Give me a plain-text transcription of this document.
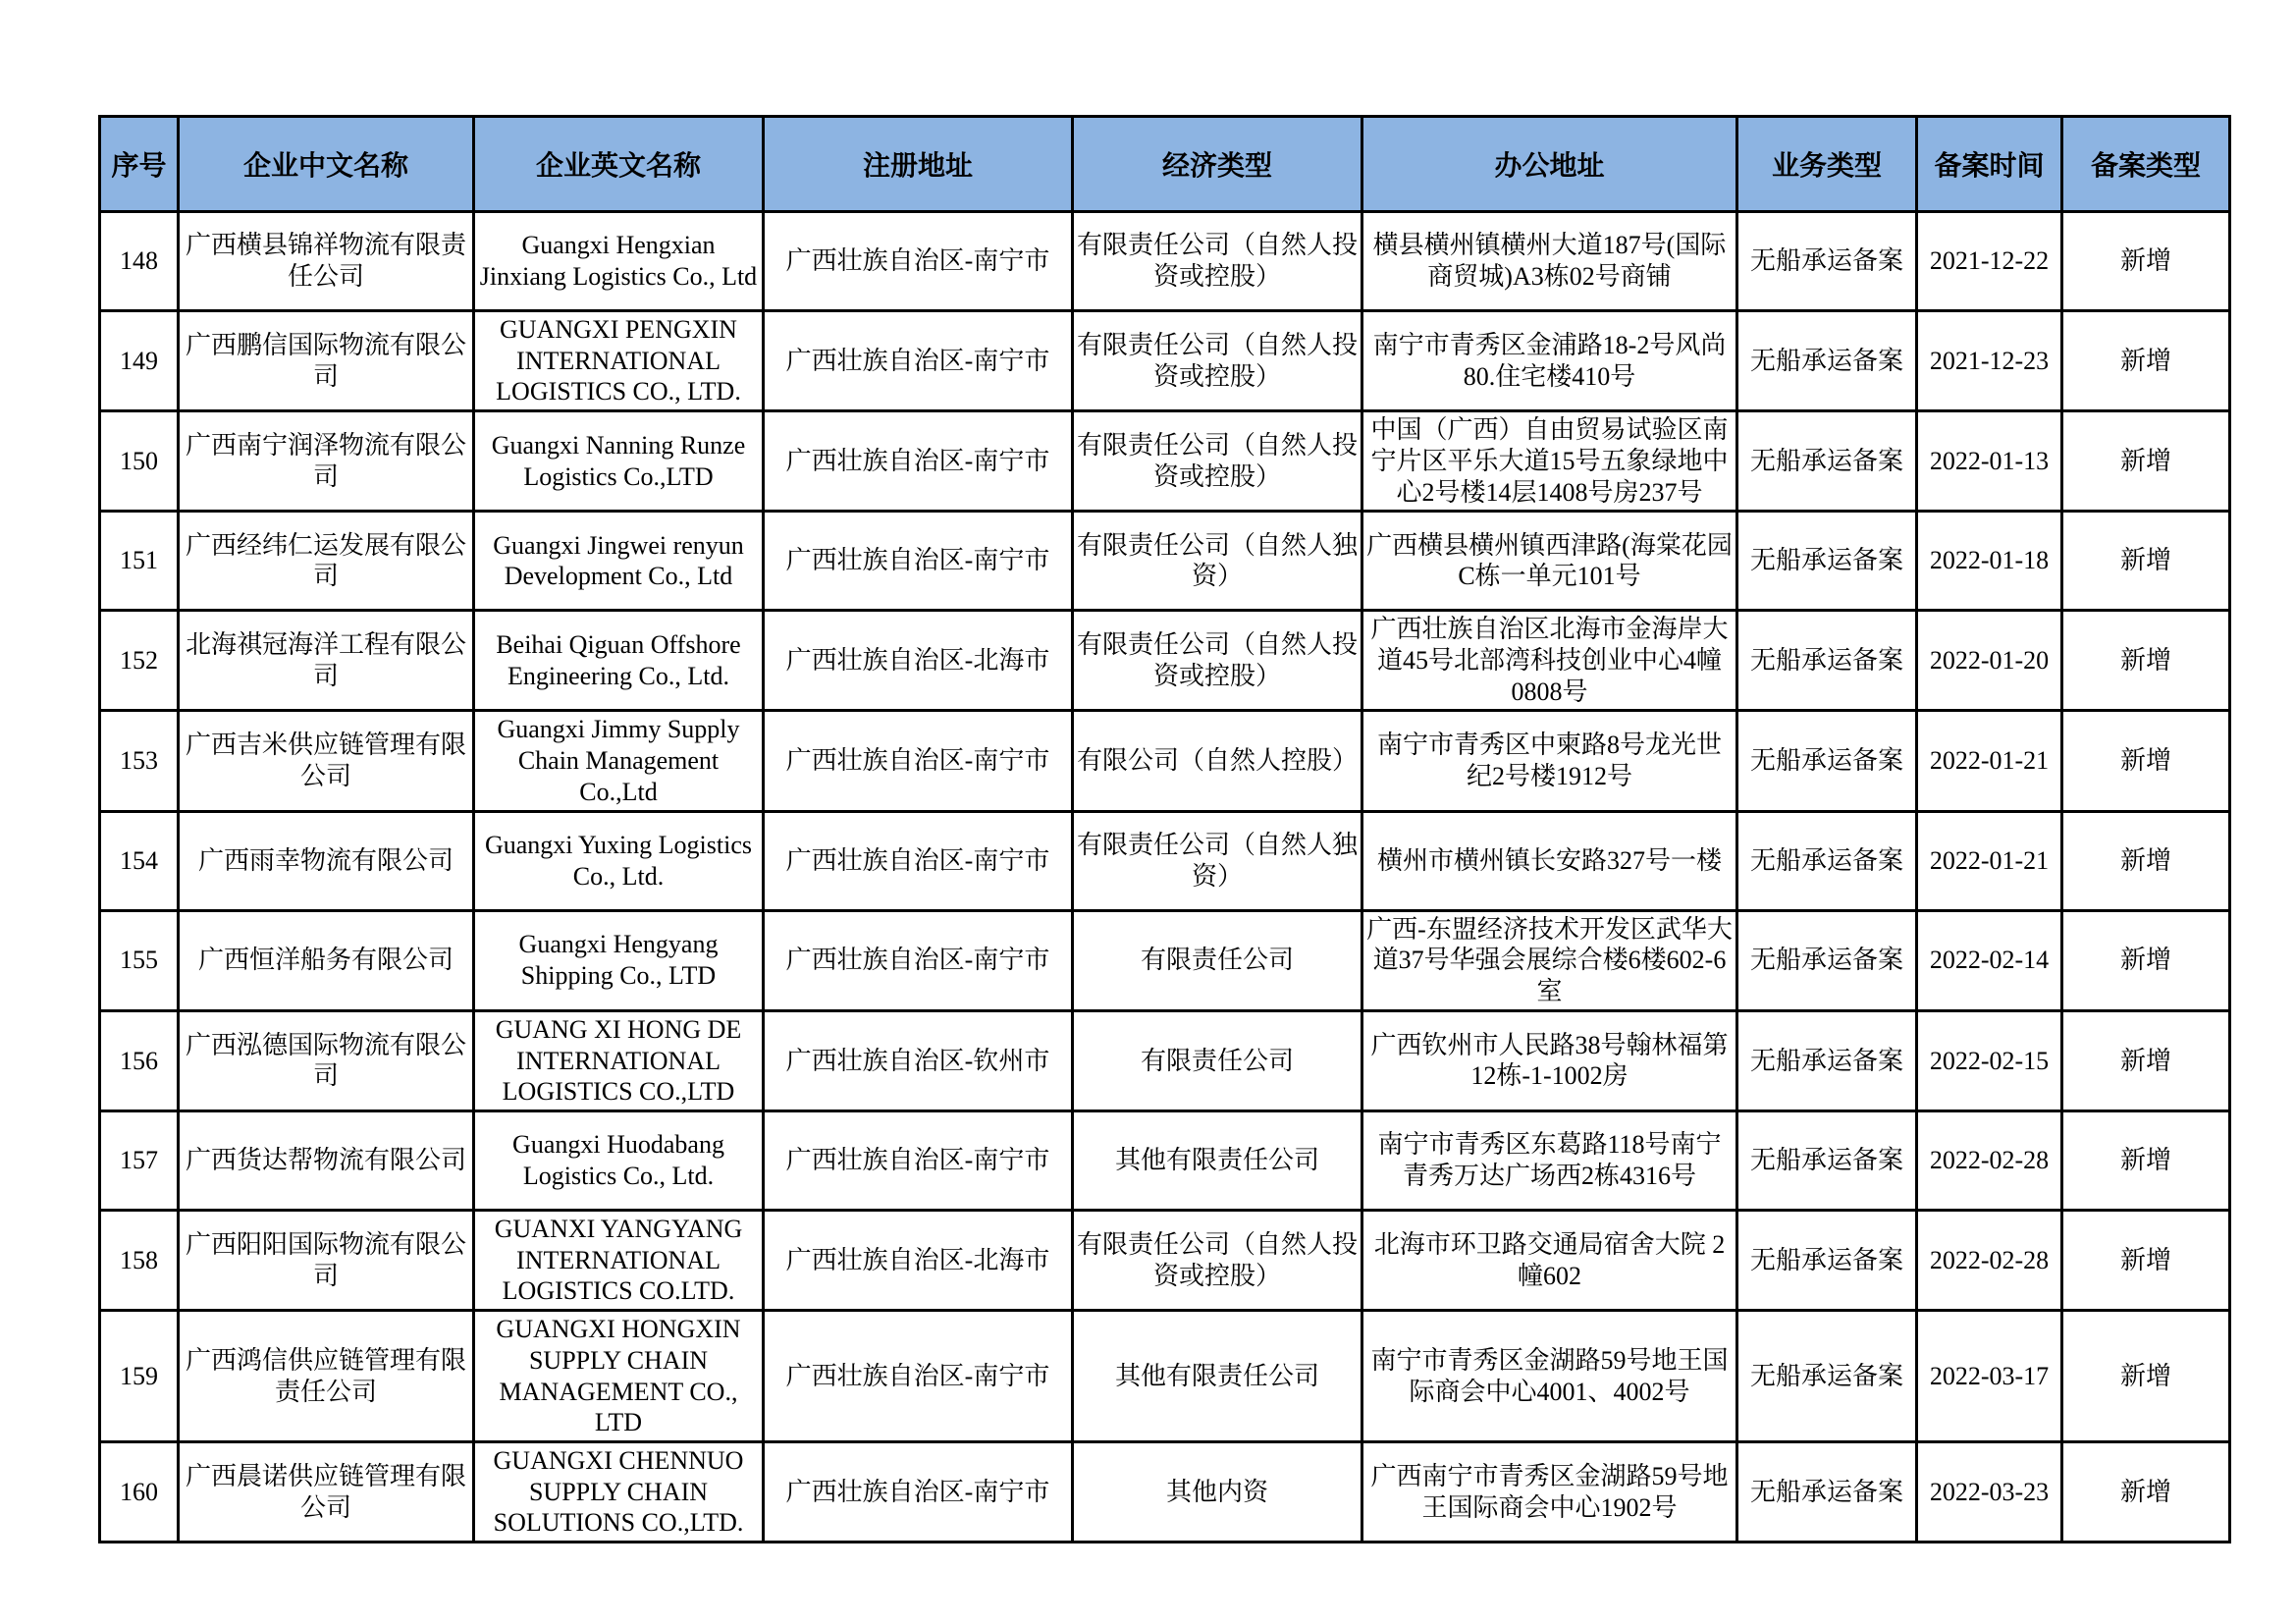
序号	企业中文名称	企业英文名称	注册地址	经济类型	办公地址	业务类型	备案时间	备案类型
148	广西横县锦祥物流有限责任公司	Guangxi Hengxian Jinxiang Logistics Co., Ltd	广西壮族自治区-南宁市	有限责任公司（自然人投资或控股）	横县横州镇横州大道187号(国际商贸城)A3栋02号商铺	无船承运备案	2021-12-22	新增
149	广西鹏信国际物流有限公司	GUANGXI PENGXIN INTERNATIONAL LOGISTICS CO., LTD.	广西壮族自治区-南宁市	有限责任公司（自然人投资或控股）	南宁市青秀区金浦路18-2号风尚80.住宅楼410号	无船承运备案	2021-12-23	新增
150	广西南宁润泽物流有限公司	Guangxi Nanning Runze Logistics Co.,LTD	广西壮族自治区-南宁市	有限责任公司（自然人投资或控股）	中国（广西）自由贸易试验区南宁片区平乐大道15号五象绿地中心2号楼14层1408号房237号	无船承运备案	2022-01-13	新增
151	广西经纬仁运发展有限公司	Guangxi Jingwei renyun Development Co., Ltd	广西壮族自治区-南宁市	有限责任公司（自然人独资）	广西横县横州镇西津路(海棠花园C栋一单元101号	无船承运备案	2022-01-18	新增
152	北海祺冠海洋工程有限公司	Beihai Qiguan Offshore Engineering Co., Ltd.	广西壮族自治区-北海市	有限责任公司（自然人投资或控股）	广西壮族自治区北海市金海岸大道45号北部湾科技创业中心4幢0808号	无船承运备案	2022-01-20	新增
153	广西吉米供应链管理有限公司	Guangxi Jimmy Supply Chain Management Co.,Ltd	广西壮族自治区-南宁市	有限公司（自然人控股）	南宁市青秀区中柬路8号龙光世纪2号楼1912号	无船承运备案	2022-01-21	新增
154	广西雨幸物流有限公司	Guangxi Yuxing Logistics Co., Ltd.	广西壮族自治区-南宁市	有限责任公司（自然人独资）	横州市横州镇长安路327号一楼	无船承运备案	2022-01-21	新增
155	广西恒洋船务有限公司	Guangxi Hengyang Shipping Co., LTD	广西壮族自治区-南宁市	有限责任公司	广西-东盟经济技术开发区武华大道37号华强会展综合楼6楼602-6室	无船承运备案	2022-02-14	新增
156	广西泓德国际物流有限公司	GUANG XI HONG DE INTERNATIONAL LOGISTICS CO.,LTD	广西壮族自治区-钦州市	有限责任公司	广西钦州市人民路38号翰林福第12栋-1-1002房	无船承运备案	2022-02-15	新增
157	广西货达帮物流有限公司	Guangxi Huodabang Logistics Co., Ltd.	广西壮族自治区-南宁市	其他有限责任公司	南宁市青秀区东葛路118号南宁青秀万达广场西2栋4316号	无船承运备案	2022-02-28	新增
158	广西阳阳国际物流有限公司	GUANXI YANGYANG INTERNATIONAL LOGISTICS CO.LTD.	广西壮族自治区-北海市	有限责任公司（自然人投资或控股）	北海市环卫路交通局宿舍大院 2幢602	无船承运备案	2022-02-28	新增
159	广西鸿信供应链管理有限责任公司	GUANGXI HONGXIN SUPPLY CHAIN MANAGEMENT CO., LTD	广西壮族自治区-南宁市	其他有限责任公司	南宁市青秀区金湖路59号地王国际商会中心4001、4002号	无船承运备案	2022-03-17	新增
160	广西晨诺供应链管理有限公司	GUANGXI CHENNUO SUPPLY CHAIN SOLUTIONS CO.,LTD.	广西壮族自治区-南宁市	其他内资	广西南宁市青秀区金湖路59号地王国际商会中心1902号	无船承运备案	2022-03-23	新增
